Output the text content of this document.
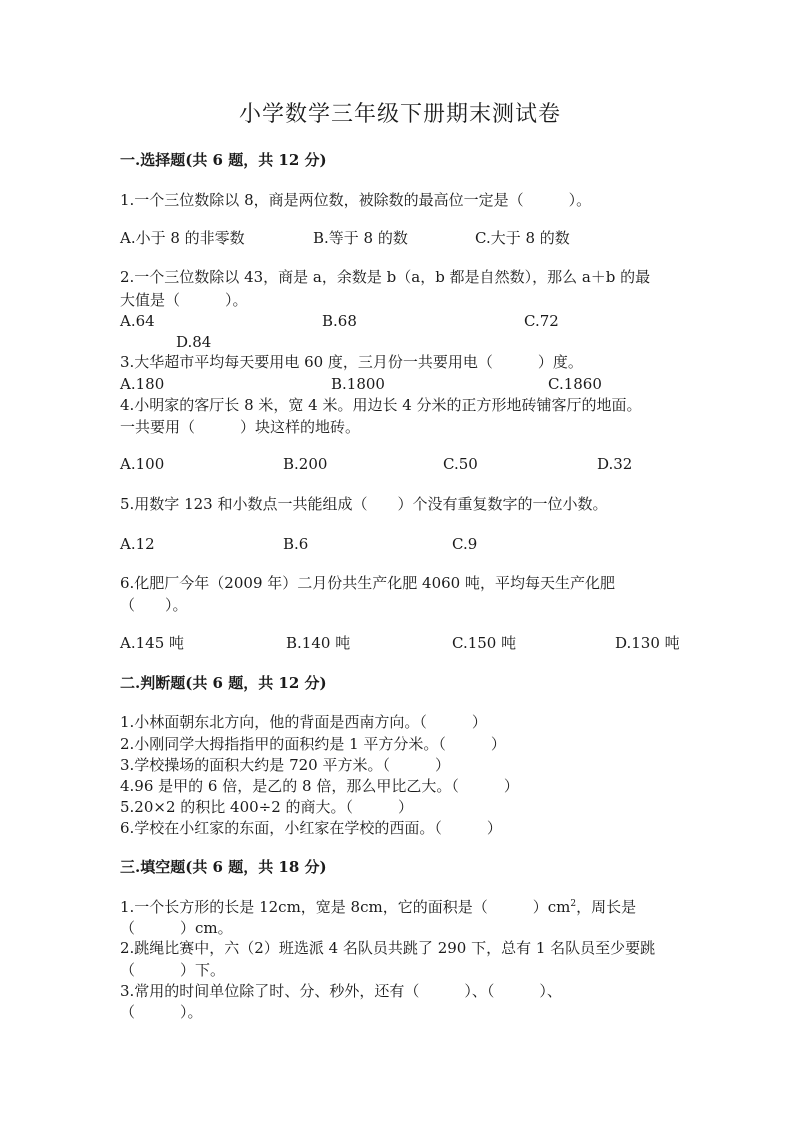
小学数学三年级下册期末测试卷
一.选择题(共 6 题，共 12 分)
1.一个三位数除以 8，商是两位数，被除数的最高位一定是（　　　）。
A.小于 8 的非零数	B.等于 8 的数	C.大于 8 的数
2.一个三位数除以 43，商是 a，余数是 b（a，b 都是自然数），那么 a＋b 的最
大值是（　　　）。
A.64	B.68	C.72
D.84
3.大华超市平均每天要用电 60 度，三月份一共要用电（　　　）度。
A.180	B.1800	C.1860
4.小明家的客厅长 8 米，宽 4 米。用边长 4 分米的正方形地砖铺客厅的地面。
一共要用（　　　）块这样的地砖。
A.100	B.200	C.50	D.32
5.用数字 123 和小数点一共能组成（　　）个没有重复数字的一位小数。
A.12	B.6	C.9
6.化肥厂今年（2009 年）二月份共生产化肥 4060 吨，平均每天生产化肥
（　　）。
A.145 吨	B.140 吨	C.150 吨	D.130 吨
二.判断题(共 6 题，共 12 分)
1.小林面朝东北方向，他的背面是西南方向。（　　　）
2.小刚同学大拇指指甲的面积约是 1 平方分米。（　　　）
3.学校操场的面积大约是 720 平方米。（　　　）
4.96 是甲的 6 倍，是乙的 8 倍，那么甲比乙大。（　　　）
5.20×2 的积比 400÷2 的商大。（　　　）
6.学校在小红家的东面，小红家在学校的西面。（　　　）
三.填空题(共 6 题，共 18 分)
1.一个长方形的长是 12cm，宽是 8cm，它的面积是（　　　）$cm^2$，周长是
（　　　）cm。
2.跳绳比赛中，六（2）班选派 4 名队员共跳了 290 下，总有 1 名队员至少要跳
（　　　）下。
3.常用的时间单位除了时、分、秒外，还有（　　　）、（　　　）、
（　　　）。
